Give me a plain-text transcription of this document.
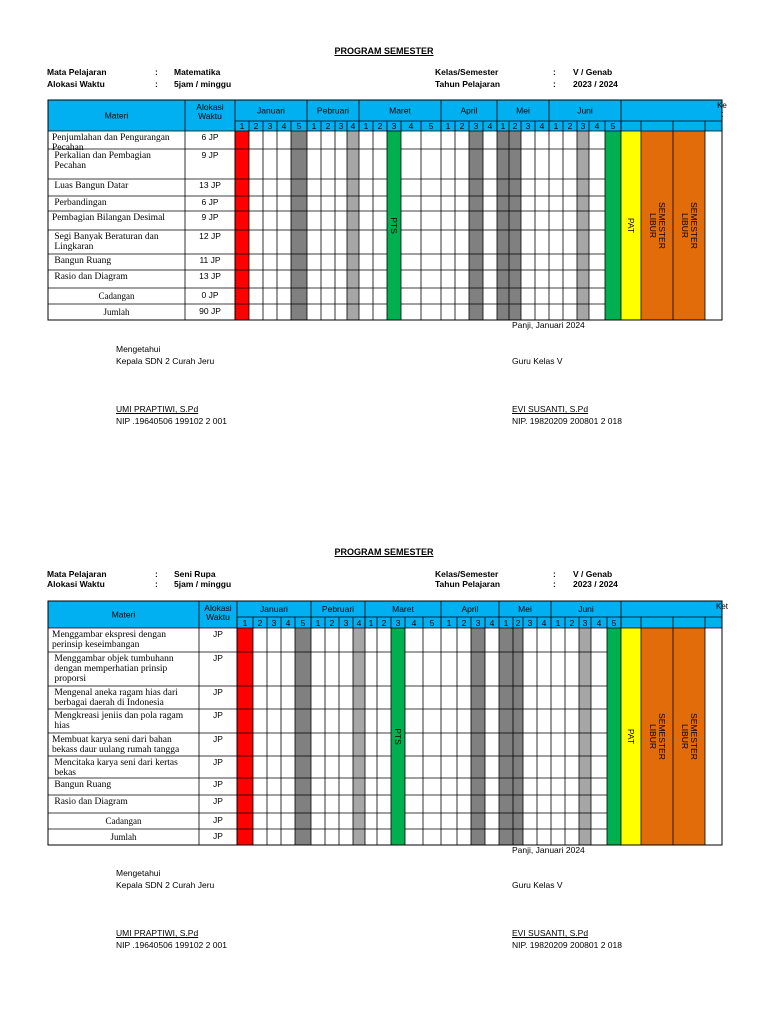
PROGRAM SEMESTER
Mata Pelajaran	: Matematika
Alokasi Waktu	: 5jam / minggu
Kelas/Semester	: V / Genab
Tahun Pelajaran	: 2023 / 2024
Materi
Alokasi
Waktu
Januari	Pebruari	Maret	April	Mei	Juni
1 2 3 4 5 1 2 3 4 1 2 3 4 5 1 2 3 4 1 2 3 4 1 2 3 4 5
Ke
t
Penjumlahan dan Pengurangan
Pecahan
6 JP
Perkalian dan Pembagian
Pecahan
9 JP
Luas Bangun Datar	13 JP
Perbandingan	6 JP
Pembagian Bilangan Desimal	9 JP
Segi Banyak Beraturan dan
Lingkaran
12 JP
Bangun Ruang	11 JP
Rasio dan Diagram	13 JP
Cadangan	0 JP
Jumlah	90 JP
PTS	PAT LIBUR SEMESTER LIBUR SEMESTER
Panji, Januari 2024
Mengetahui
Kepala SDN 2 Curah Jeru	Guru Kelas V
UMI PRAPTIWI, S.Pd
NIP .19640506 199102 2 001
EVI SUSANTI, S.Pd
NIP. 19820209 200801 2 018
PROGRAM SEMESTER
Mata Pelajaran	: Seni Rupa
Alokasi Waktu	: 5jam / minggu
Kelas/Semester	: V / Genab
Tahun Pelajaran	: 2023 / 2024
Materi
Alokasi
Waktu
Januari	Pebruari	Maret	April	Mei	Juni
1 2 3 4 5 1 2 3 4 1 2 3 4 5 1 2 3 4 1 2 3 4 1 2 3 4 5
Ket
Menggambar ekspresi dengan
perinsip keseimbangan
JP
Menggambar objek tumbuhann
dengan memperhatian prinsip
proporsi
JP
Mengenal aneka ragam hias dari
berbagai daerah di Indonesia
JP
Mengkreasi jeniis dan pola ragam
hias
JP
Membuat karya seni dari bahan
bekass daur uulang rumah tangga
JP
Mencitaka karya seni dari kertas
bekas
JP
Bangun Ruang	JP
Rasio dan Diagram	JP
Cadangan	JP
Jumlah	JP
PTS	PAT LIBUR SEMESTER LIBUR SEMESTER
Panji, Januari 2024
Mengetahui
Kepala SDN 2 Curah Jeru	Guru Kelas V
UMI PRAPTIWI, S.Pd
NIP .19640506 199102 2 001
EVI SUSANTI, S.Pd
NIP. 19820209 200801 2 018
